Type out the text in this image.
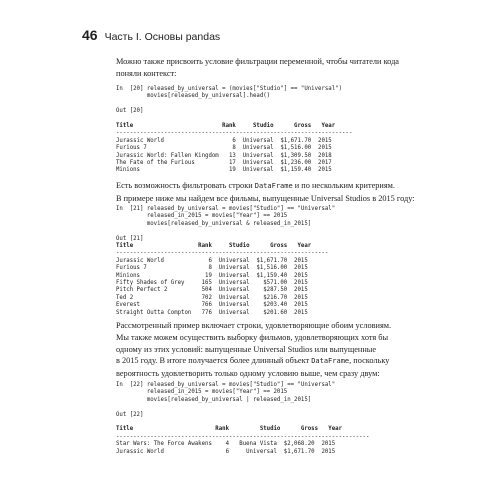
46 Часть I. Основы pandas
Можно также присвоить условие фильтрации переменной, чтобы читатели кода
поняли контекст:
In  [20] released_by_universal = (movies["Studio"] == "Universal")
movies[released_by_universal].head()

Out [20]

Title                          Rank     Studio      Gross   Year
---------------------------------------------------------------------
Jurassic World                    6  Universal  $1,671.70  2015
Furious 7                         8  Universal  $1,516.00  2015
Jurassic World: Fallen Kingdom   13  Universal  $1,309.50  2018
The Fate of the Furious          17  Universal  $1,236.00  2017
Minions                          19  Universal  $1,159.40  2015
Есть возможность фильтровать строки DataFrame и по нескольким критериям.
В примере ниже мы найдем все фильмы, выпущенные Universal Studios в 2015 году:
In  [21] released_by_universal = movies["Studio"] == "Universal"
released_in_2015 = movies["Year"] == 2015
movies[released_by_universal & released_in_2015]

Out [21]
Title                   Rank     Studio      Gross   Year
--------------------------------------------------------------
Jurassic World             6  Universal  $1,671.70  2015
Furious 7                  8  Universal  $1,516.00  2015
Minions                   19  Universal  $1,159.40  2015
Fifty Shades of Grey     165  Universal    $571.00  2015
Pitch Perfect 2          504  Universal    $287.50  2015
Ted 2                    702  Universal    $216.70  2015
Everest                  766  Universal    $203.40  2015
Straight Outta Compton   776  Universal    $201.60  2015
Рассмотренный пример включает строки, удовлетворяющие обоим условиям.
Мы также можем осуществить выборку фильмов, удовлетворяющих хотя бы
одному из этих условий: выпущенные Universal Studios или выпущенные
в 2015 году. В итоге получается более длинный объект DataFrame, поскольку
вероятность удовлетворить только одному условию выше, чем сразу двум:
In  [22] released_by_universal = movies["Studio"] == "Universal"
released_in_2015 = movies["Year"] == 2015
movies[released_by_universal | released_in_2015]

Out [22]

Title                        Rank         Studio      Gross   Year
--------------------------------------------------------------------------
Star Wars: The Force Awakens    4   Buena Vista  $2,068.20  2015
Jurassic World                  6     Universal  $1,671.70  2015
